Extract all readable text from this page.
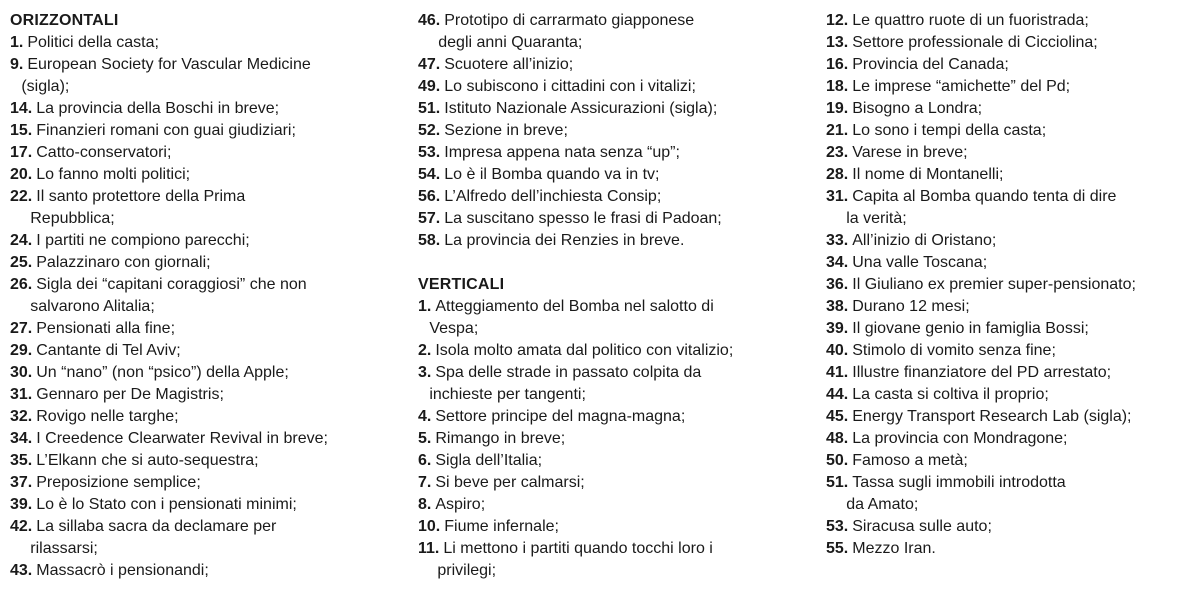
ORIZZONTALI
1. Politici della casta;
9. European Society for Vascular Medicine
(sigla);
14. La provincia della Boschi in breve;
15. Finanzieri romani con guai giudiziari;
17. Catto-conservatori;
20. Lo fanno molti politici;
22. Il santo protettore della Prima
Repubblica;
24. I partiti ne compiono parecchi;
25. Palazzinaro con giornali;
26. Sigla dei “capitani coraggiosi” che non
salvarono Alitalia;
27. Pensionati alla fine;
29. Cantante di Tel Aviv;
30. Un “nano” (non “psico”) della Apple;
31. Gennaro per De Magistris;
32. Rovigo nelle targhe;
34. I Creedence Clearwater Revival in breve;
35. L’Elkann che si auto-sequestra;
37. Preposizione semplice;
39. Lo è lo Stato con i pensionati minimi;
42. La sillaba sacra da declamare per
rilassarsi;
43. Massacrò i pensionandi;
46. Prototipo di carrarmato giapponese
degli anni Quaranta;
47. Scuotere all’inizio;
49. Lo subiscono i cittadini con i vitalizi;
51. Istituto Nazionale Assicurazioni (sigla);
52. Sezione in breve;
53. Impresa appena nata senza “up”;
54. Lo è il Bomba quando va in tv;
56. L’Alfredo dell’inchiesta Consip;
57. La suscitano spesso le frasi di Padoan;
58. La provincia dei Renzies in breve.
VERTICALI
1. Atteggiamento del Bomba nel salotto di
Vespa;
2. Isola molto amata dal politico con vitalizio;
3. Spa delle strade in passato colpita da
inchieste per tangenti;
4. Settore principe del magna-magna;
5. Rimango in breve;
6. Sigla dell’Italia;
7. Si beve per calmarsi;
8. Aspiro;
10. Fiume infernale;
11. Li mettono i partiti quando tocchi loro i
privilegi;
12. Le quattro ruote di un fuoristrada;
13. Settore professionale di Cicciolina;
16. Provincia del Canada;
18. Le imprese “amichette” del Pd;
19. Bisogno a Londra;
21. Lo sono i tempi della casta;
23. Varese in breve;
28. Il nome di Montanelli;
31. Capita al Bomba quando tenta di dire
la verità;
33. All’inizio di Oristano;
34. Una valle Toscana;
36. Il Giuliano ex premier super-pensionato;
38. Durano 12 mesi;
39. Il giovane genio in famiglia Bossi;
40. Stimolo di vomito senza fine;
41. Illustre finanziatore del PD arrestato;
44. La casta si coltiva il proprio;
45. Energy Transport Research Lab (sigla);
48. La provincia con Mondragone;
50. Famoso a metà;
51. Tassa sugli immobili introdotta
da Amato;
53. Siracusa sulle auto;
55. Mezzo Iran.
